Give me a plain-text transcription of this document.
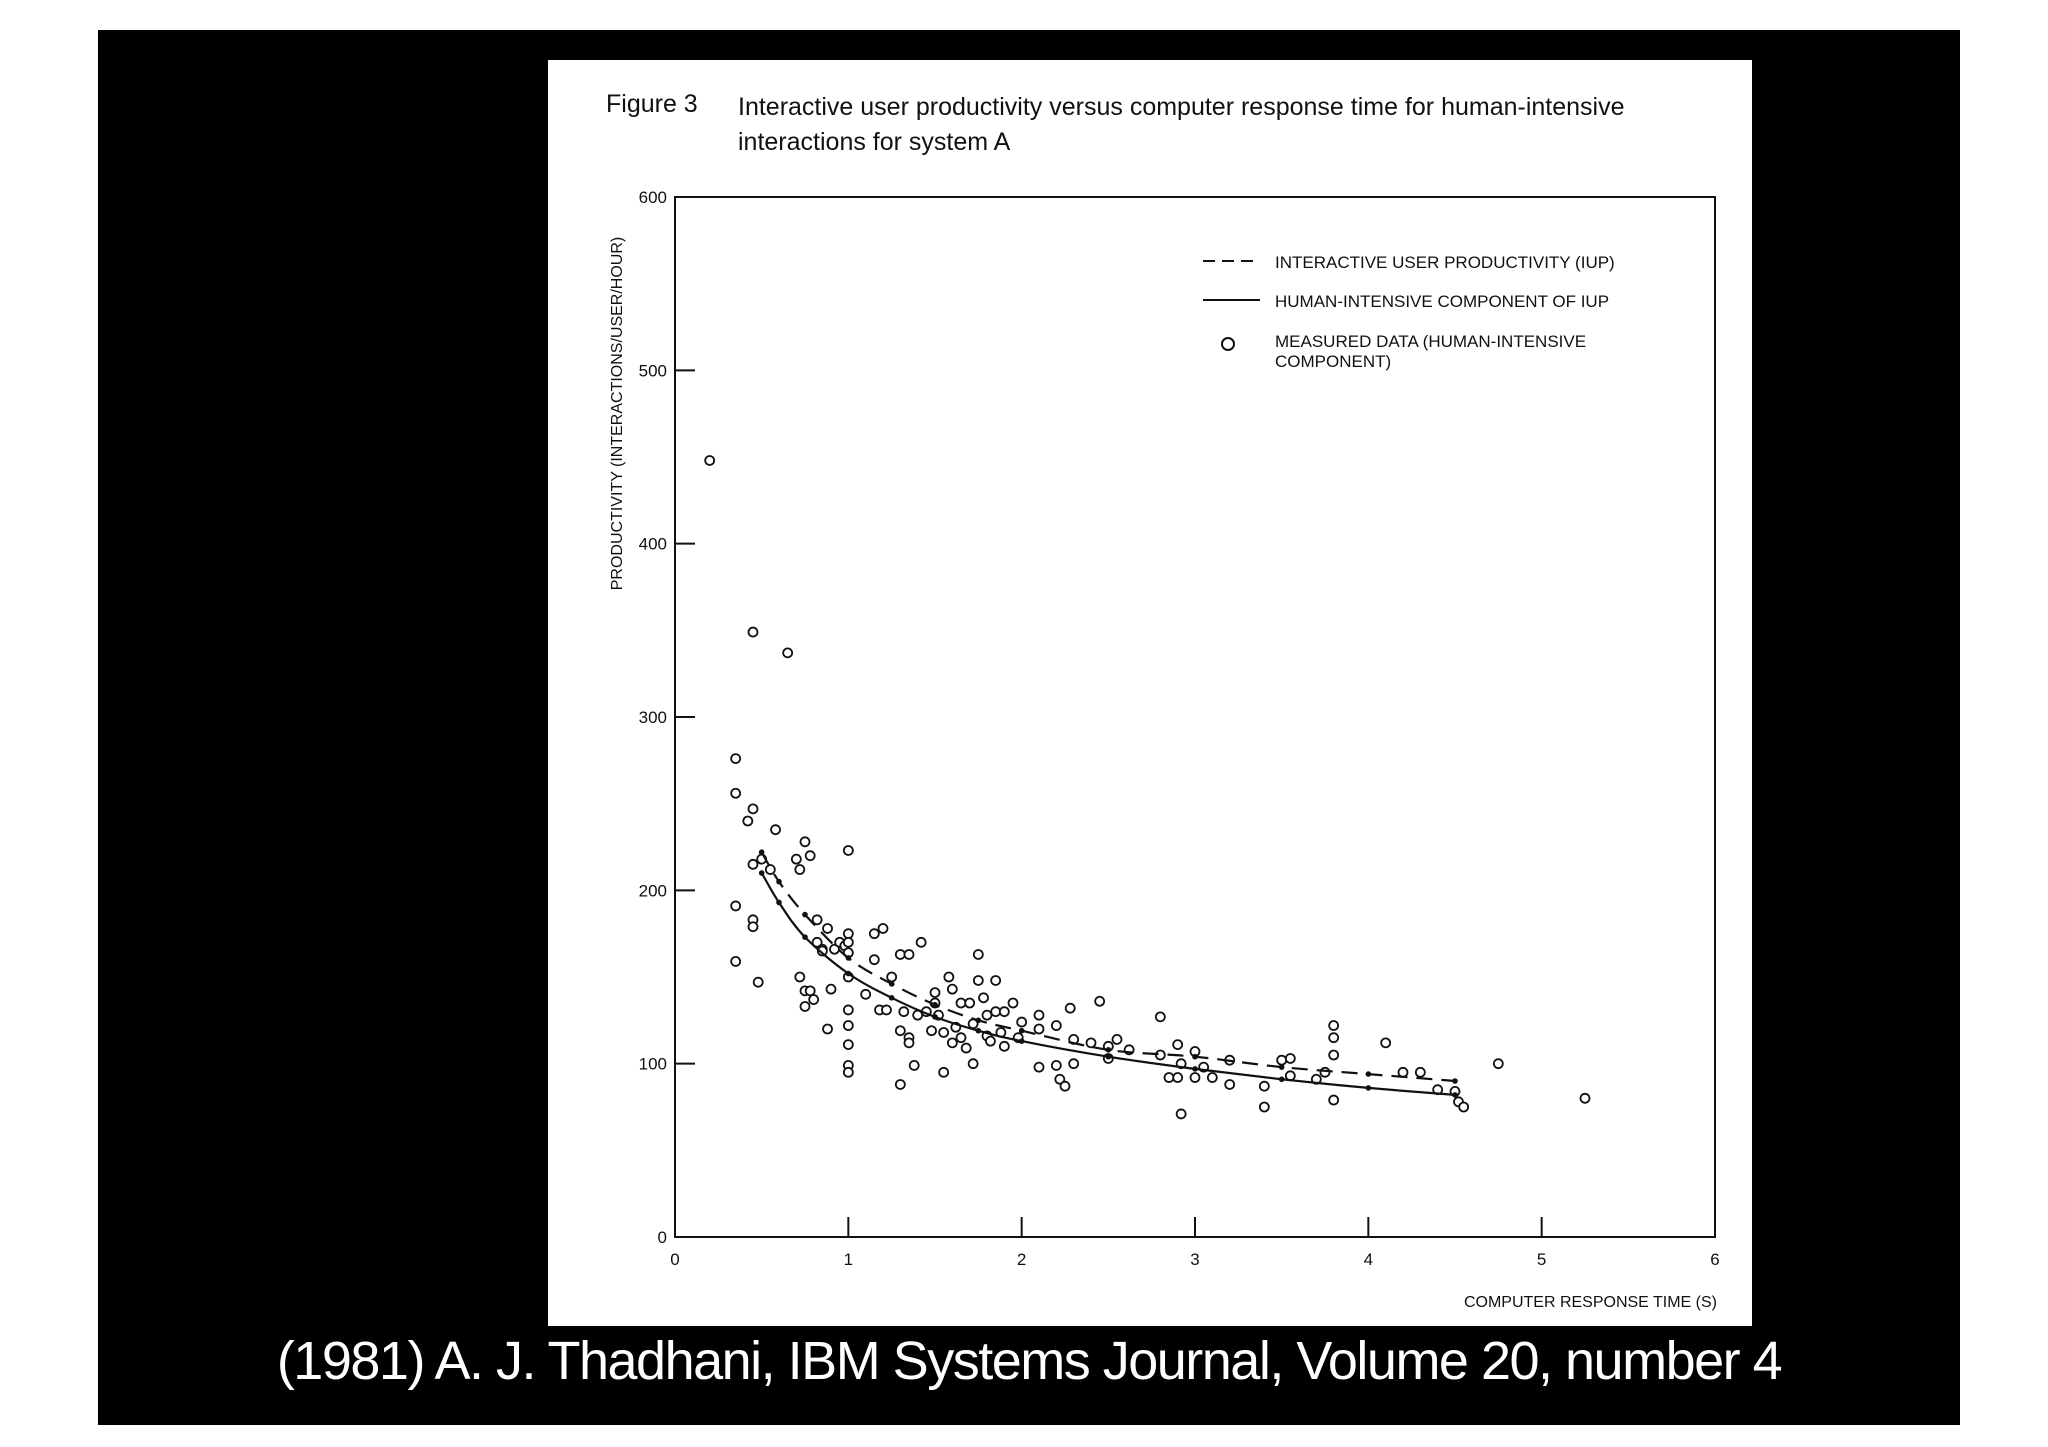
Figure 3 Interactive user productivity versus computer response time for human-intensive
interactions for system A
0	1	2	3	4	5	6
0
100
200
300
400
500
600
COMPUTER RESPONSE TIME (S)
PRODUCTIVITY (INTERACTIONS/USER/HOUR)	INTERACTIVE USER PRODUCTIVITY (IUP)
HUMAN-INTENSIVE COMPONENT OF IUP
MEASURED DATA (HUMAN-INTENSIVE
COMPONENT)
(1981) A. J. Thadhani, IBM Systems Journal, Volume 20, number 4
